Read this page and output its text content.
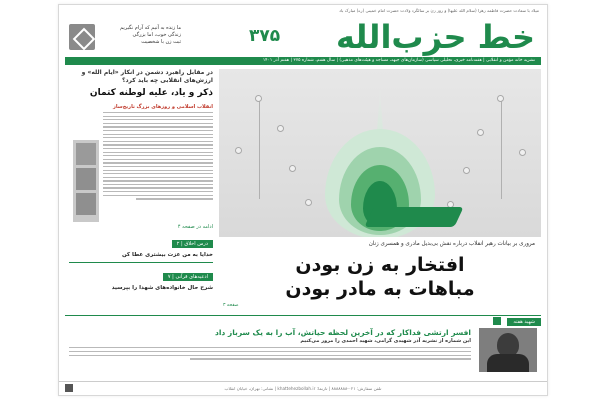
میلاد با سعادت حضرت فاطمه زهرا (سلام الله علیها) و روز زن بر سالگرد ولادت حضرت امام خمینی (ره) مبارک باد
خط حزب‌الله
۳۷۵
ما زنده به آنیم که آرام نگیریم
زندگی خوب، اما بزرگی
ثبت زن با شخصیت
نشریه خانه مؤمن و انقلابی | هفته‌نامه خبری، تحلیلی سیاسی (سازمان‌های جبهه، مساجد و هیئت‌های مذهبی) | سال هفتم، شماره ۳۷۵ | هفتم آذر ۱۴۰۱
در مقابل راهبرد دشمن در انکار «ایام الله» و ارزش‌های انقلابی چه باید کرد؟
ذکر و یاد، علیه لوطنه کتمان
انقلاب اسلامی و روزهای بزرگ تاریخ‌ساز
ادامه در صفحه ۴
درس اخلاق | ۲
خدایا به من عزت بیشتری عطا کن
ادعیه‌های قرآنی | ۷
شرح حال خانواده‌های شهدا را بپرسید
مروری بر بیانات رهبر انقلاب درباره نقش بی‌بدیل مادری و همسری زنان
افتخار به زن بودن
مباهات به مادر بودن
صفحه ۳
شهید هفته
افسر ارتشی فداکار که در آخرین لحظه حیاتش، آب را به یک سرباز داد
این شماره از نشریه آذر شهیدی گرامی، شهید احمدی را مرور می‌کنیم
تلفن سفارش: ۰۲۱-۸۸۸۸۸۸۸ | تارنما: khattehezbollah.ir | نشانی: تهران، خیابان انقلاب
